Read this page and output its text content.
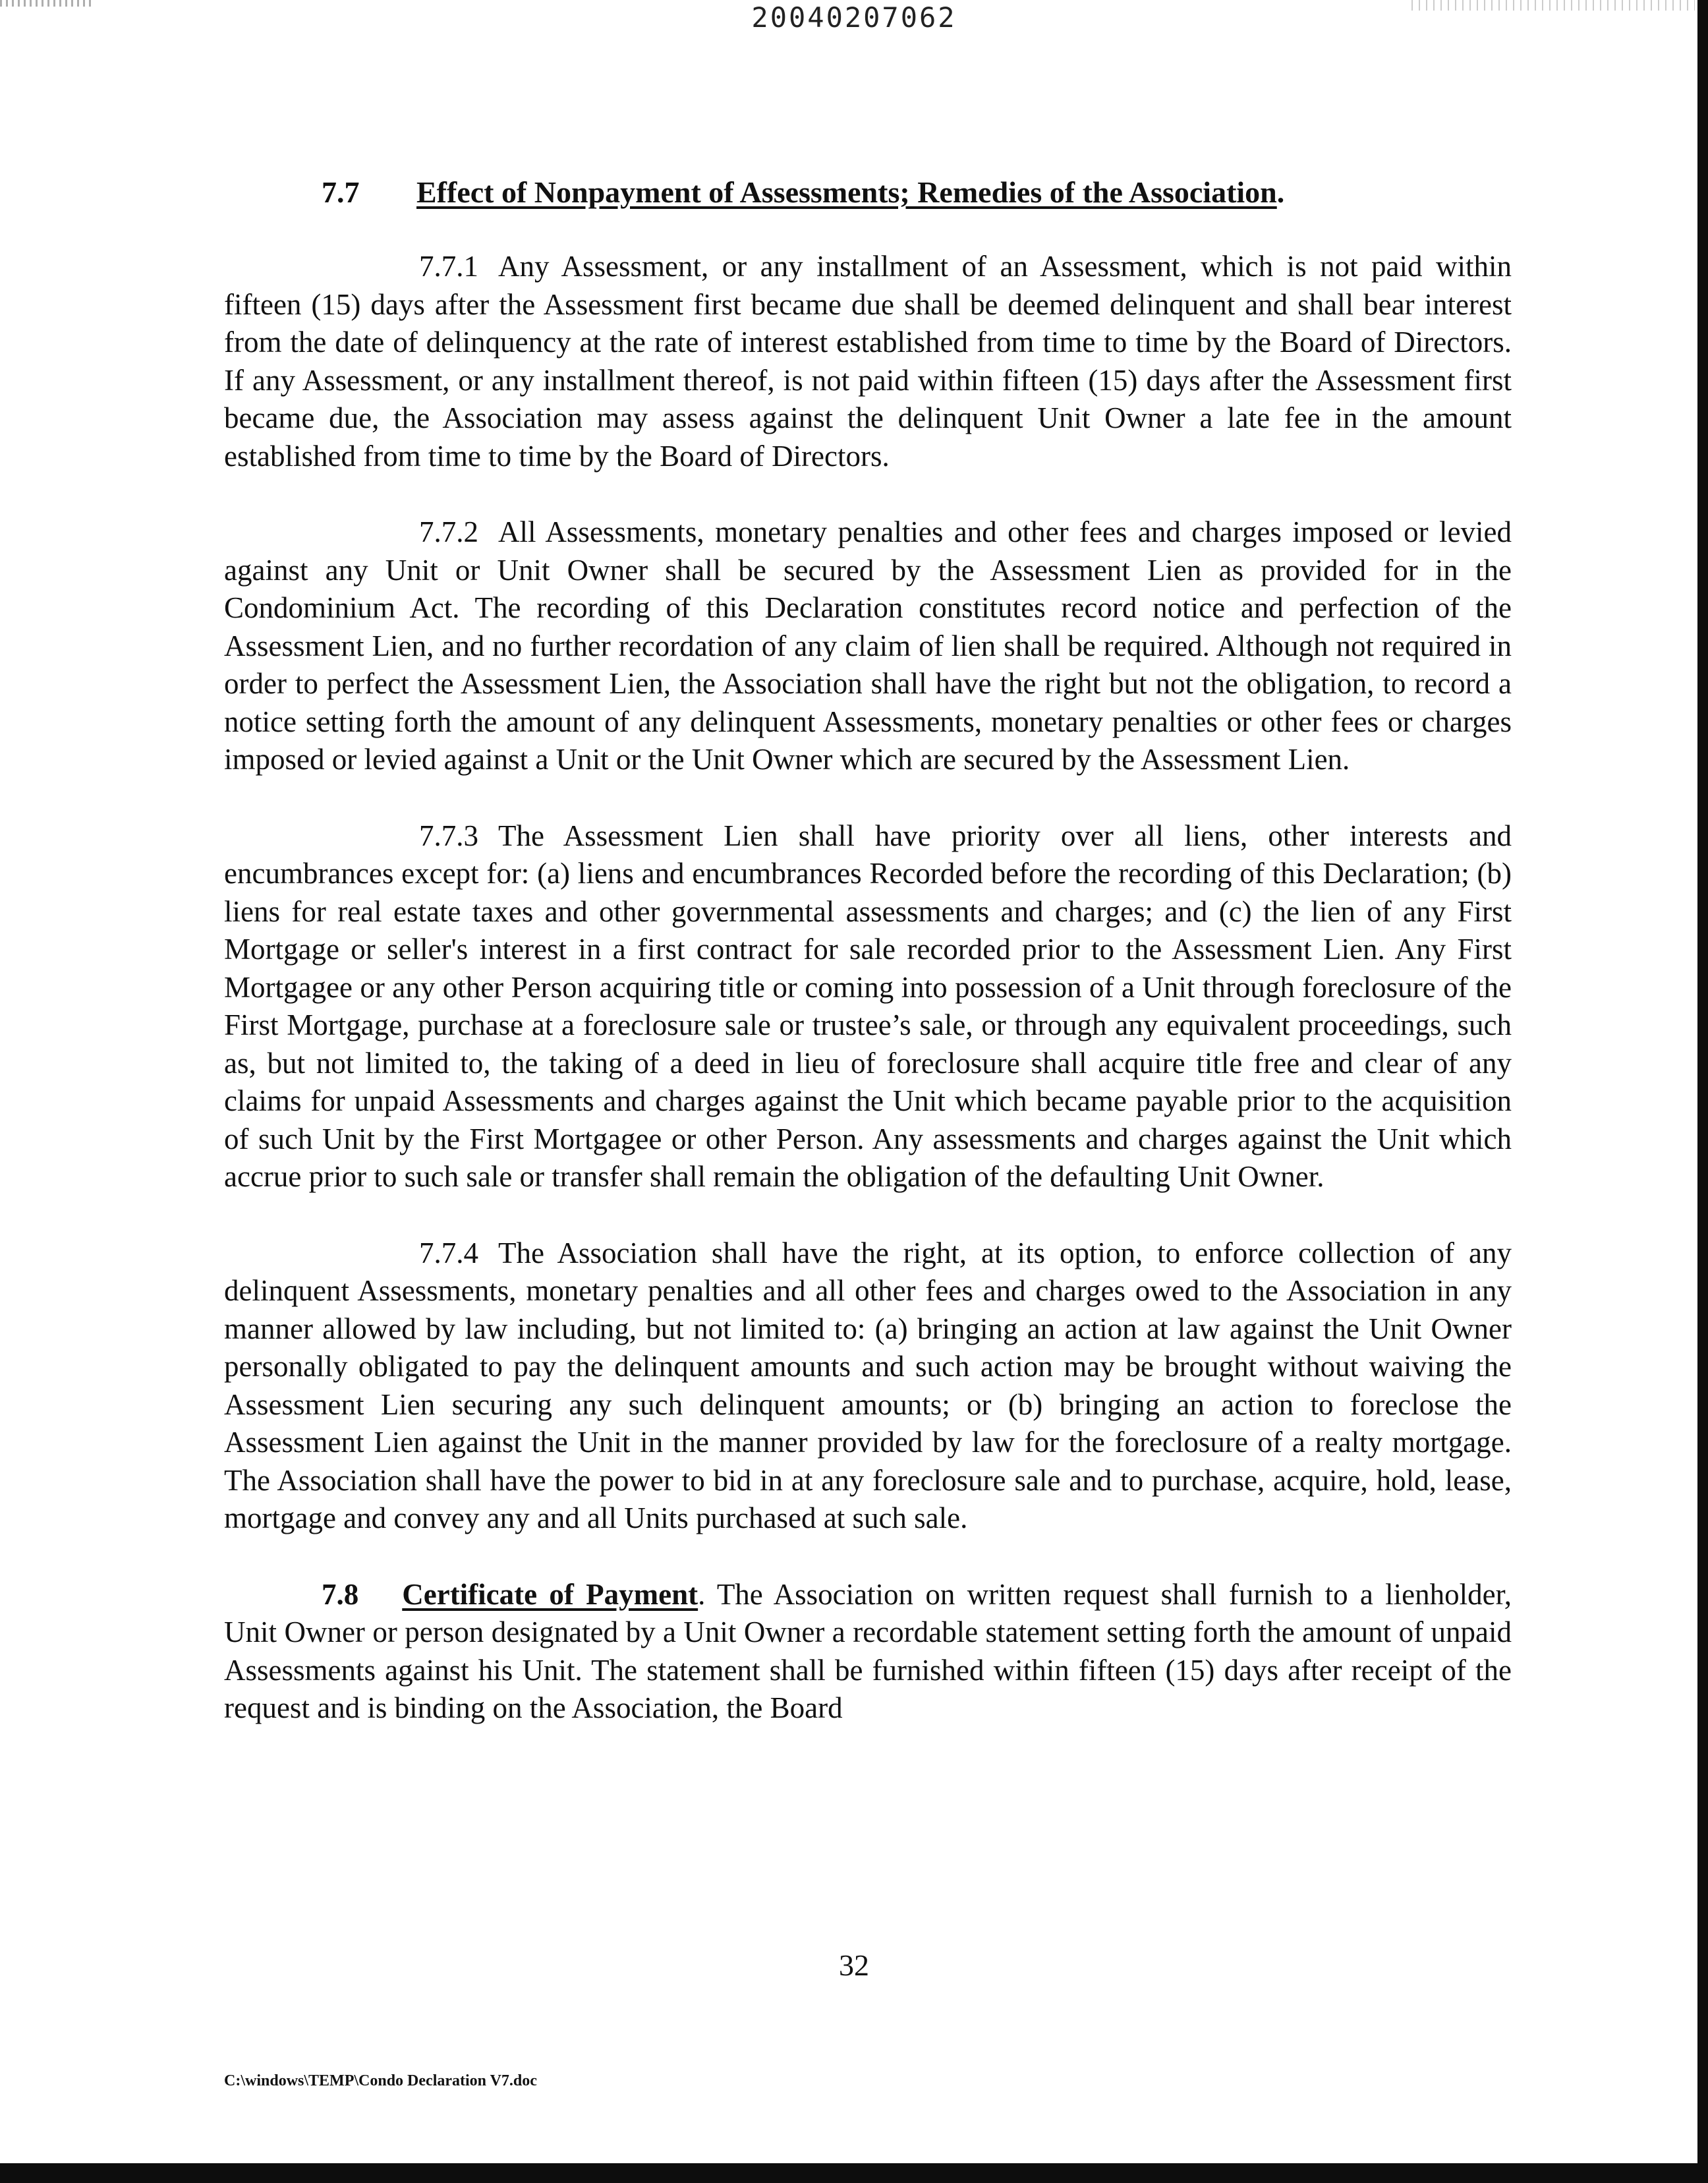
20040207062
7.7 Effect of Nonpayment of Assessments; Remedies of the Association.

7.7.1 Any Assessment, or any installment of an Assessment, which is not paid within fifteen (15) days after the Assessment first became due shall be deemed delinquent and shall bear interest from the date of delinquency at the rate of interest established from time to time by the Board of Directors. If any Assessment, or any installment thereof, is not paid within fifteen (15) days after the Assessment first became due, the Association may assess against the delinquent Unit Owner a late fee in the amount established from time to time by the Board of Directors.

7.7.2 All Assessments, monetary penalties and other fees and charges imposed or levied against any Unit or Unit Owner shall be secured by the Assessment Lien as provided for in the Condominium Act. The recording of this Declaration constitutes record notice and perfection of the Assessment Lien, and no further recordation of any claim of lien shall be required. Although not required in order to perfect the Assessment Lien, the Association shall have the right but not the obligation, to record a notice setting forth the amount of any delinquent Assessments, monetary penalties or other fees or charges imposed or levied against a Unit or the Unit Owner which are secured by the Assessment Lien.

7.7.3 The Assessment Lien shall have priority over all liens, other interests and encumbrances except for: (a) liens and encumbrances Recorded before the recording of this Declaration; (b) liens for real estate taxes and other governmental assessments and charges; and (c) the lien of any First Mortgage or seller's interest in a first contract for sale recorded prior to the Assessment Lien. Any First Mortgagee or any other Person acquiring title or coming into possession of a Unit through foreclosure of the First Mortgage, purchase at a foreclosure sale or trustee’s sale, or through any equivalent proceedings, such as, but not limited to, the taking of a deed in lieu of foreclosure shall acquire title free and clear of any claims for unpaid Assessments and charges against the Unit which became payable prior to the acquisition of such Unit by the First Mortgagee or other Person. Any assessments and charges against the Unit which accrue prior to such sale or transfer shall remain the obligation of the defaulting Unit Owner.

7.7.4 The Association shall have the right, at its option, to enforce collection of any delinquent Assessments, monetary penalties and all other fees and charges owed to the Association in any manner allowed by law including, but not limited to: (a) bringing an action at law against the Unit Owner personally obligated to pay the delinquent amounts and such action may be brought without waiving the Assessment Lien securing any such delinquent amounts; or (b) bringing an action to foreclose the Assessment Lien against the Unit in the manner provided by law for the foreclosure of a realty mortgage. The Association shall have the power to bid in at any foreclosure sale and to purchase, acquire, hold, lease, mortgage and convey any and all Units purchased at such sale.

7.8 Certificate of Payment. The Association on written request shall furnish to a lienholder, Unit Owner or person designated by a Unit Owner a recordable statement setting forth the amount of unpaid Assessments against his Unit. The statement shall be furnished within fifteen (15) days after receipt of the request and is binding on the Association, the Board

32
C:\windows\TEMP\Condo Declaration V7.doc
